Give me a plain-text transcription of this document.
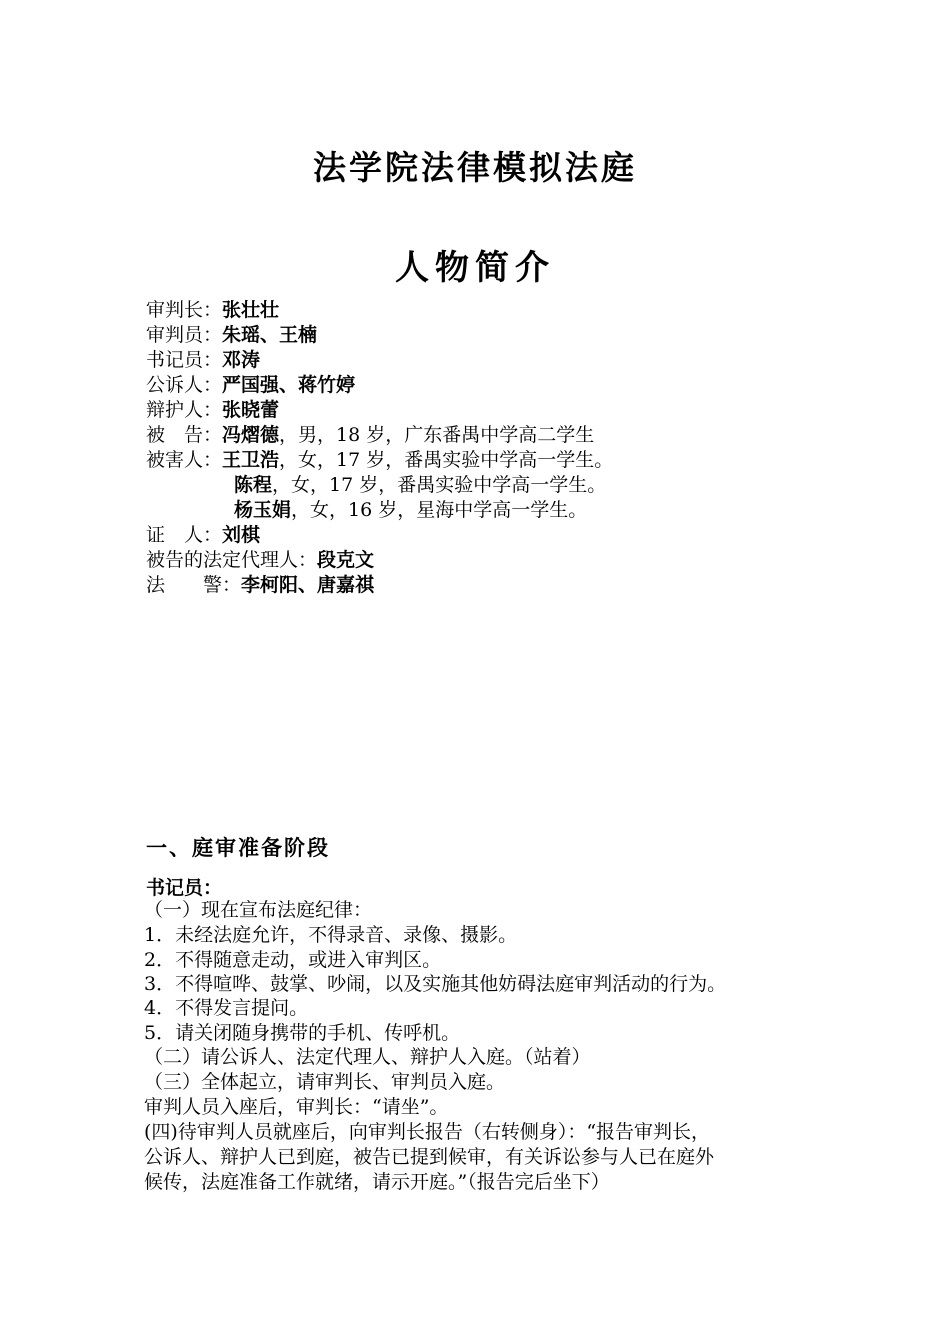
法学院法律模拟法庭
人物简介
审判长：张壮壮
审判员：朱瑶、王楠
书记员：邓涛
公诉人：严国强、蒋竹婷
辩护人：张晓蕾
被　告：冯熠德，男，18 岁，广东番禺中学高二学生
被害人：王卫浩，女，17 岁，番禺实验中学高一学生。
陈程，女，17 岁，番禺实验中学高一学生。
杨玉娟，女，16 岁，星海中学高一学生。
证　人：刘棋
被告的法定代理人：段克文
法　　警：李柯阳、唐嘉祺
一、庭审准备阶段
书记员：
（一）现在宣布法庭纪律：
1．未经法庭允许，不得录音、录像、摄影。
2．不得随意走动，或进入审判区。
3．不得喧哗、鼓掌、吵闹，以及实施其他妨碍法庭审判活动的行为。
4．不得发言提问。
5．请关闭随身携带的手机、传呼机。
（二）请公诉人、法定代理人、辩护人入庭。（站着）
（三）全体起立，请审判长、审判员入庭。
审判人员入座后，审判长：“请坐”。
(四)待审判人员就座后，向审判长报告（右转侧身）：“报告审判长，
公诉人、辩护人已到庭，被告已提到候审，有关诉讼参与人已在庭外
候传，法庭准备工作就绪，请示开庭。”（报告完后坐下）
